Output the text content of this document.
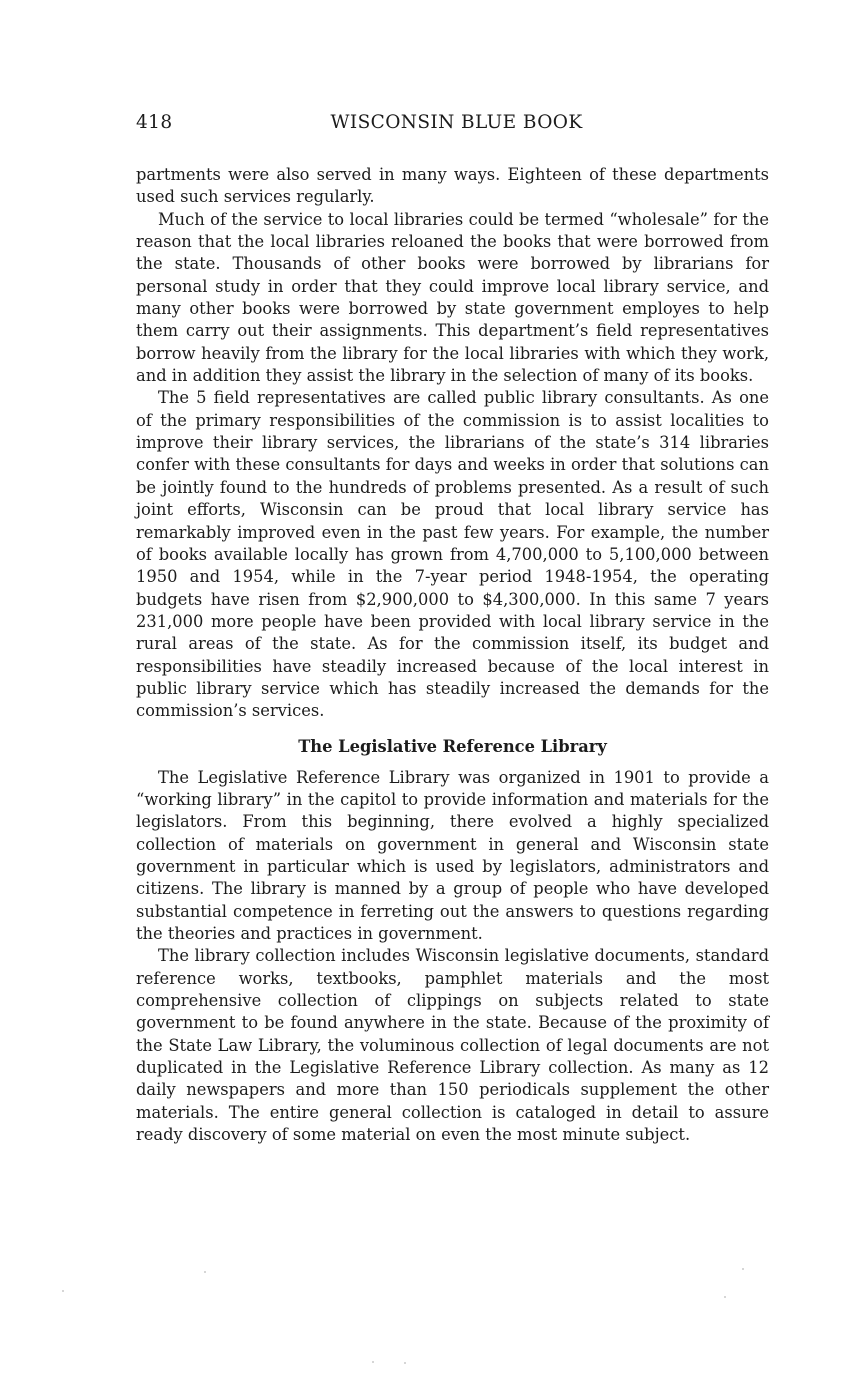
418	WISCONSIN BLUE BOOK

partments were also served in many ways. Eighteen of these departments used such services regularly.

Much of the service to local libraries could be termed “wholesale” for the reason that the local libraries reloaned the books that were borrowed from the state. Thousands of other books were borrowed by librarians for personal study in order that they could improve local library service, and many other books were borrowed by state government employes to help them carry out their assignments. This department’s field representatives borrow heavily from the library for the local libraries with which they work, and in addition they assist the library in the selection of many of its books.

The 5 field representatives are called public library consultants. As one of the primary responsibilities of the commission is to assist localities to improve their library services, the librarians of the state’s 314 libraries confer with these consultants for days and weeks in order that solutions can be jointly found to the hundreds of problems presented. As a result of such joint efforts, Wisconsin can be proud that local library service has remarkably improved even in the past few years. For example, the number of books available locally has grown from 4,700,000 to 5,100,000 between 1950 and 1954, while in the 7-year period 1948-1954, the operating budgets have risen from $2,900,000 to $4,300,000. In this same 7 years 231,000 more people have been provided with local library service in the rural areas of the state. As for the commission itself, its budget and responsibilities have steadily increased because of the local interest in public library service which has steadily increased the demands for the commission’s services.

The Legislative Reference Library

The Legislative Reference Library was organized in 1901 to provide a “working library” in the capitol to provide information and materials for the legislators. From this beginning, there evolved a highly specialized collection of materials on government in general and Wisconsin state government in particular which is used by legislators, administrators and citizens. The library is manned by a group of people who have developed substantial competence in ferreting out the answers to questions regarding the theories and practices in government.

The library collection includes Wisconsin legislative documents, standard reference works, textbooks, pamphlet materials and the most comprehensive collection of clippings on subjects related to state government to be found anywhere in the state. Because of the proximity of the State Law Library, the voluminous collection of legal documents are not duplicated in the Legislative Reference Library collection. As many as 12 daily newspapers and more than 150 periodicals supplement the other materials. The entire general collection is cataloged in detail to assure ready discovery of some material on even the most minute subject.
